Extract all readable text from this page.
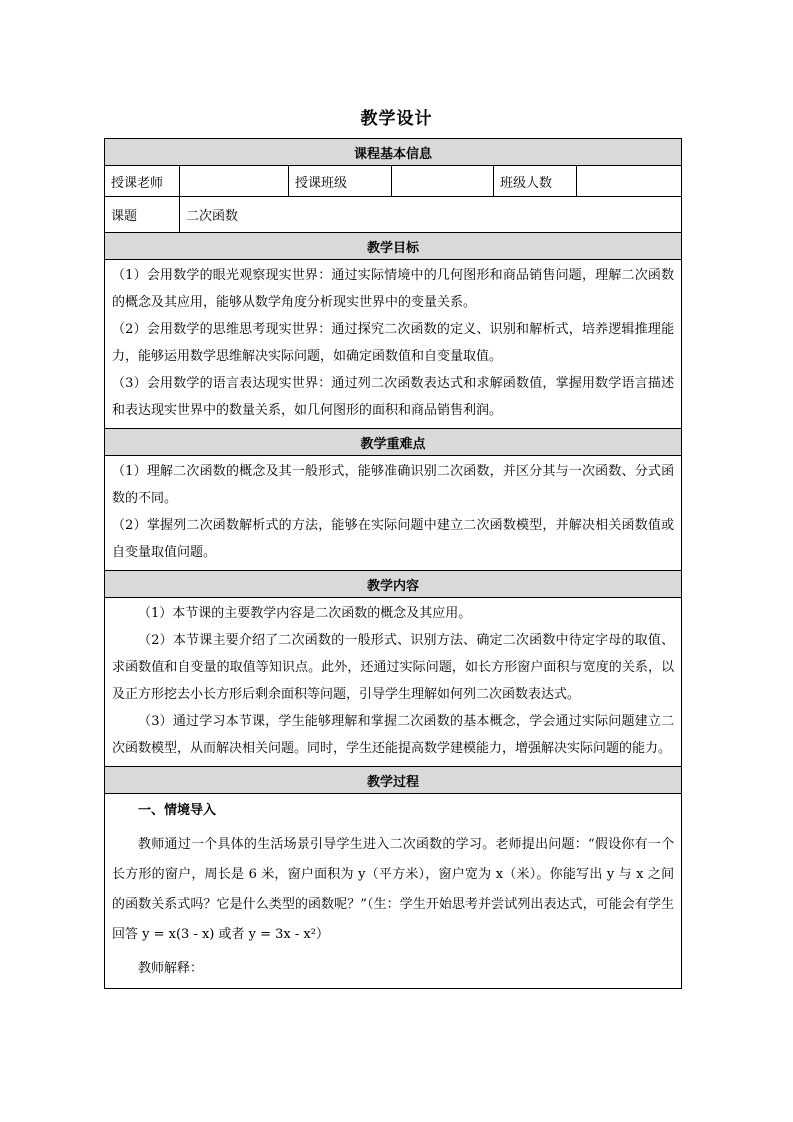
教学设计
课程基本信息					
授课老师		授课班级		班级人数	
课题	二次函数				
教学目标					

（1）会用数学的眼光观察现实世界：通过实际情境中的几何图形和商品销售问题，理解二次函数的概念及其应用，能够从数学角度分析现实世界中的变量关系。

（2）会用数学的思维思考现实世界：通过探究二次函数的定义、识别和解析式，培养逻辑推理能力，能够运用数学思维解决实际问题，如确定函数值和自变量取值。

（3）会用数学的语言表达现实世界：通过列二次函数表达式和求解函数值，掌握用数学语言描述和表达现实世界中的数量关系，如几何图形的面积和商品销售利润。					

教学重难点					

（1）理解二次函数的概念及其一般形式，能够准确识别二次函数，并区分其与一次函数、分式函数的不同。

（2）掌握列二次函数解析式的方法，能够在实际问题中建立二次函数模型，并解决相关函数值或自变量取值问题。					

教学内容					

（1）本节课的主要教学内容是二次函数的概念及其应用。

（2）本节课主要介绍了二次函数的一般形式、识别方法、确定二次函数中待定字母的取值、求函数值和自变量的取值等知识点。此外，还通过实际问题，如长方形窗户面积与宽度的关系，以及正方形挖去小长方形后剩余面积等问题，引导学生理解如何列二次函数表达式。

（3）通过学习本节课，学生能够理解和掌握二次函数的基本概念，学会通过实际问题建立二次函数模型，从而解决相关问题。同时，学生还能提高数学建模能力，增强解决实际问题的能力。					

教学过程					

一、情境导入

教师通过一个具体的生活场景引导学生进入二次函数的学习。老师提出问题：“假设你有一个长方形的窗户，周长是 6 米，窗户面积为 y（平方米），窗户宽为 x（米）。你能写出 y 与 x 之间的函数关系式吗？它是什么类型的函数呢？”（生：学生开始思考并尝试列出表达式，可能会有学生回答 y = x(3 - x) 或者 y = 3x - x²）

教师解释：					
